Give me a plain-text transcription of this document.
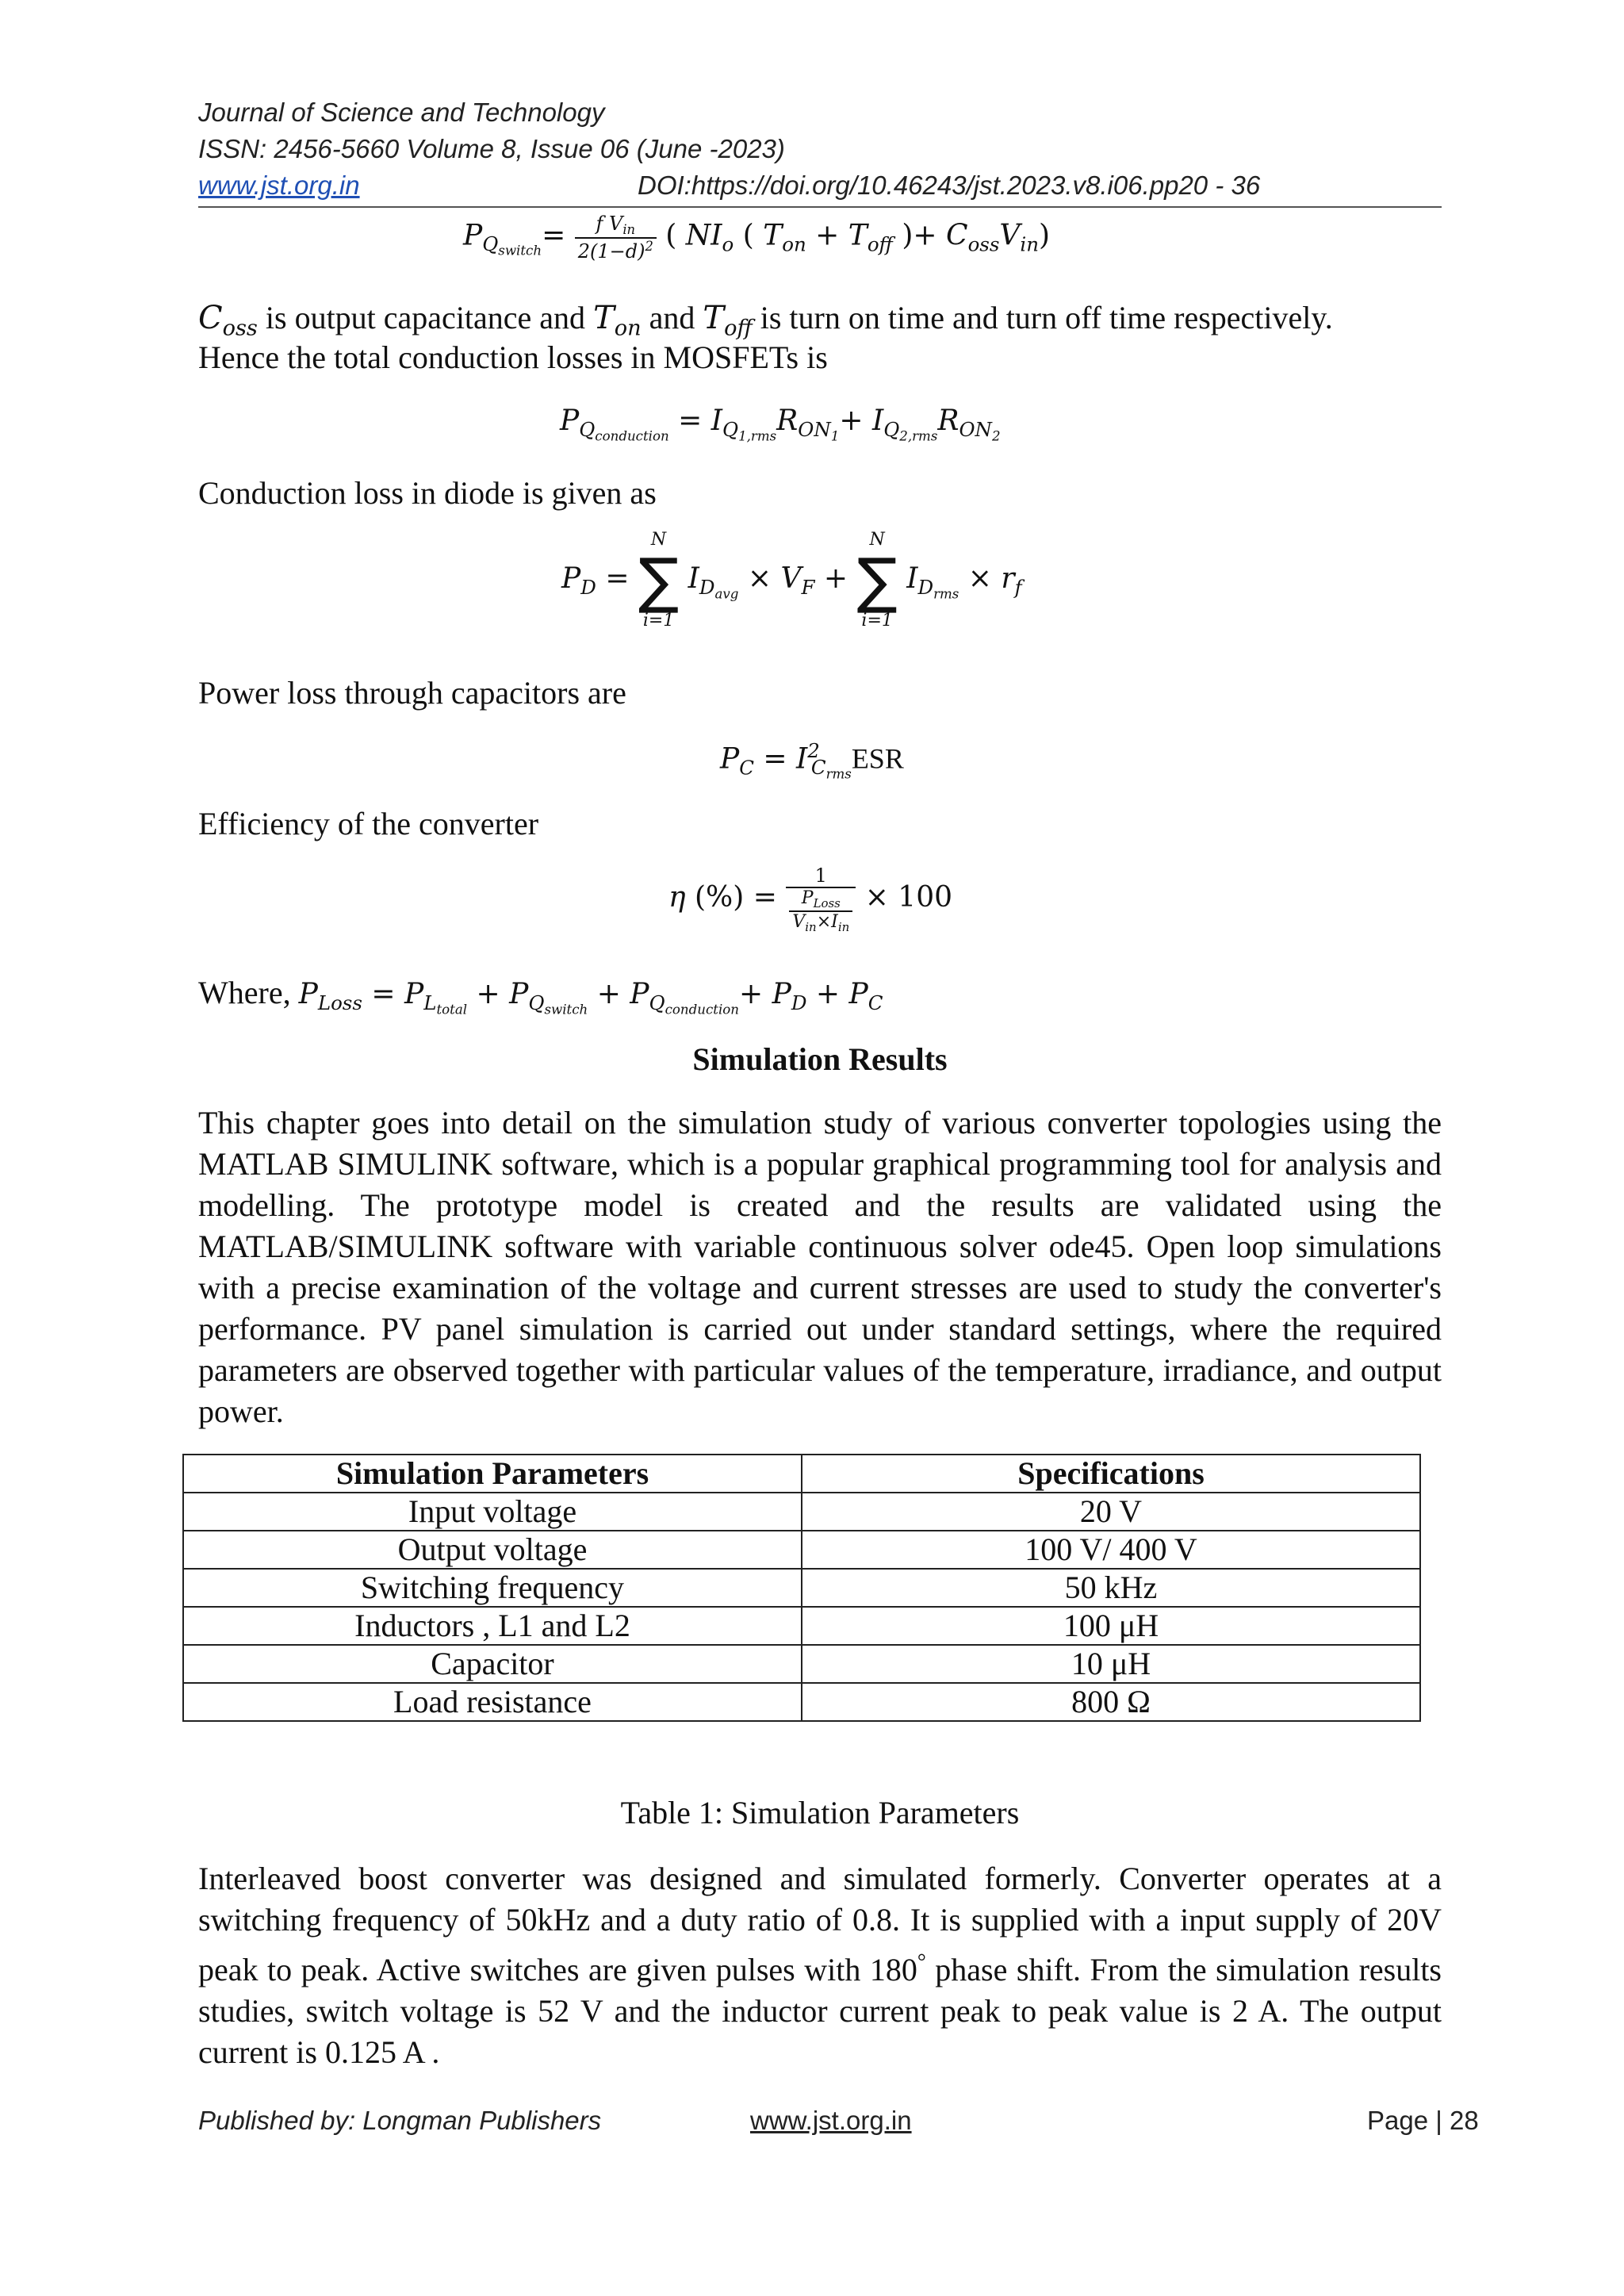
Journal of Science and Technology
ISSN: 2456-5660 Volume 8, Issue 06 (June -2023)
www.jst.org.in	DOI:https://doi.org/10.46243/jst.2023.v8.i06.pp20 - 36
$P_{Q_{switch}}= \frac{f V_{in}}{2(1-d)^2}$ ( $NI_o$ ( $T_{on} + T_{off}$ )+ $C_{oss}V_{in}$)
$C_{oss}$ is output capacitance and $T_{on}$ and $T_{off}$ is turn on time and turn off time respectively.
Hence the total conduction losses in MOSFETs is
$P_{Q_{conduction}} = I_{Q_{1,rms}}R_{ON_1}+ I_{Q_{2,rms}}R_{ON_2}$
Conduction loss in diode is given as
$P_D$ =
N
∑
i=1
$I_{D_{avg}} \times V_F$ +
N
∑
i=1
$I_{D_{rms}} \times r_f$
Power loss through capacitors are
$P_C = I^2_{C_{rms}}ESR$
Efficiency of the converter
η (%) = $\frac{1}{\frac{P_{Loss}}{V_{in}\times I_{in}}} \times 100$
Where, $P_{Loss} = P_{L_{total}} + P_{Q_{switch}} + P_{Q_{conduction}}+ P_D + P_C$
Simulation Results
This chapter goes into detail on the simulation study of various converter topologies using the MATLAB SIMULINK software, which is a popular graphical programming tool for analysis and modelling. The prototype model is created and the results are validated using the MATLAB/SIMULINK software with variable continuous solver ode45. Open loop simulations with a precise examination of the voltage and current stresses are used to study the converter's performance. PV panel simulation is carried out under standard settings, where the required parameters are observed together with particular values of the temperature, irradiance, and output power.
Simulation Parameters	Specifications
Input voltage	20 V
Output voltage	100 V/ 400 V
Switching frequency	50 kHz
Inductors , L1 and L2	100 μH
Capacitor	10 μH
Load resistance	800 Ω
Table 1: Simulation Parameters
Interleaved boost converter was designed and simulated formerly. Converter operates at a switching frequency of 50kHz and a duty ratio of 0.8. It is supplied with a input supply of 20V peak to peak. Active switches are given pulses with 180° phase shift. From the simulation results studies, switch voltage is 52 V and the inductor current peak to peak value is 2 A. The output current is 0.125 A .
Published by: Longman Publishers	www.jst.org.in	Page | 28
